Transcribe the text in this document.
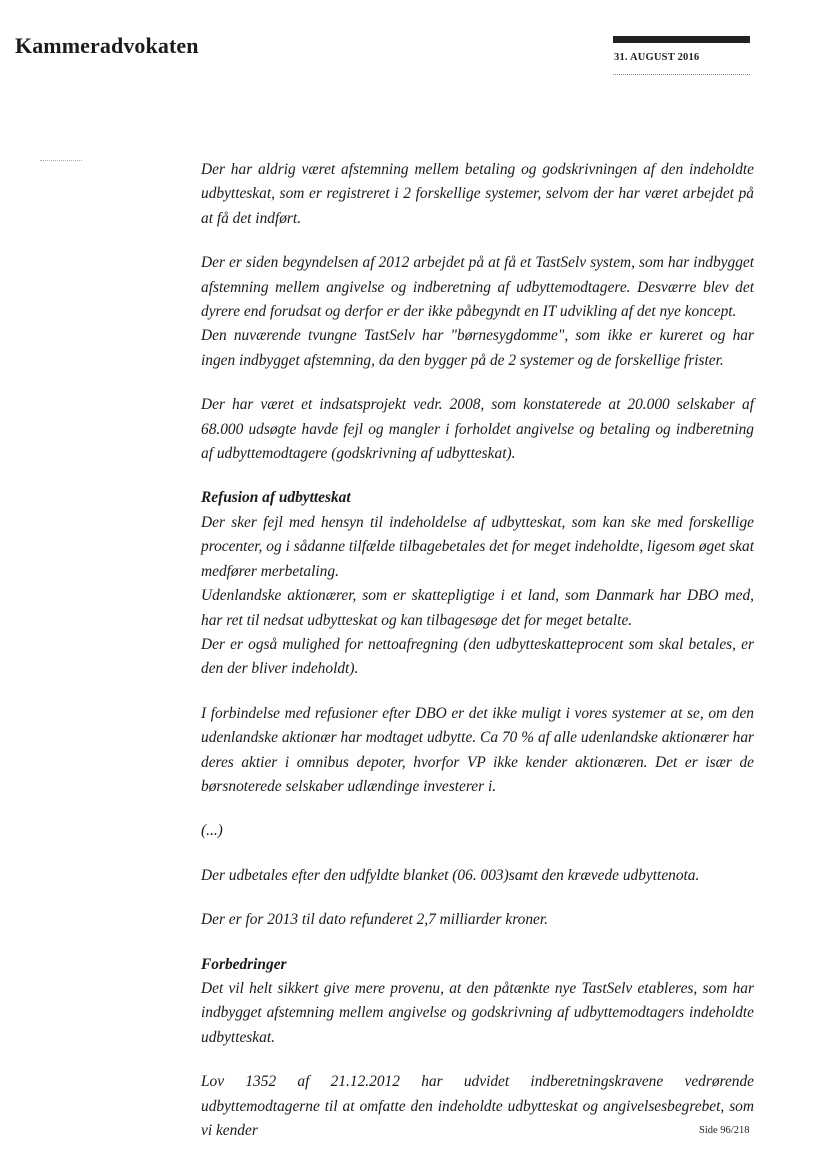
Kammeradvokaten	31. AUGUST 2016

Der har aldrig været afstemning mellem betaling og godskrivningen af den indeholdte udbytteskat, som er registreret i 2 forskellige systemer, selvom der har været arbejdet på at få det indført.

Der er siden begyndelsen af 2012 arbejdet på at få et TastSelv system, som har indbygget afstemning mellem angivelse og indberetning af udbyttemodtagere. Desværre blev det dyrere end forudsat og derfor er der ikke påbegyndt en IT udvikling af det nye koncept.

Den nuværende tvungne TastSelv har "børnesygdomme", som ikke er kureret og har ingen indbygget afstemning, da den bygger på de 2 systemer og de forskellige frister.

Der har været et indsatsprojekt vedr. 2008, som konstaterede at 20.000 selskaber af 68.000 udsøgte havde fejl og mangler i forholdet angivelse og betaling og indberetning af udbyttemodtagere (godskrivning af udbytteskat).

Refusion af udbytteskat

Der sker fejl med hensyn til indeholdelse af udbytteskat, som kan ske med forskellige procenter, og i sådanne tilfælde tilbagebetales det for meget indeholdte, ligesom øget skat medfører merbetaling.

Udenlandske aktionærer, som er skattepligtige i et land, som Danmark har DBO med, har ret til nedsat udbytteskat og kan tilbagesøge det for meget betalte.

Der er også mulighed for nettoafregning (den udbytteskatteprocent som skal betales, er den der bliver indeholdt).

I forbindelse med refusioner efter DBO er det ikke muligt i vores systemer at se, om den udenlandske aktionær har modtaget udbytte. Ca 70 % af alle udenlandske aktionærer har deres aktier i omnibus depoter, hvorfor VP ikke kender aktionæren. Det er især de børsnoterede selskaber udlændinge investerer i.

(...)

Der udbetales efter den udfyldte blanket (06. 003)samt den krævede udbyttenota.

Der er for 2013 til dato refunderet 2,7 milliarder kroner.

Forbedringer

Det vil helt sikkert give mere provenu, at den påtænkte nye TastSelv etableres, som har indbygget afstemning mellem angivelse og godskrivning af udbyttemodtagers indeholdte udbytteskat.

Lov 1352 af 21.12.2012 har udvidet indberetningskravene vedrørende udbyttemodtagerne til at omfatte den indeholdte udbytteskat og angivelsesbegrebet, som vi kender	Side 96/218
